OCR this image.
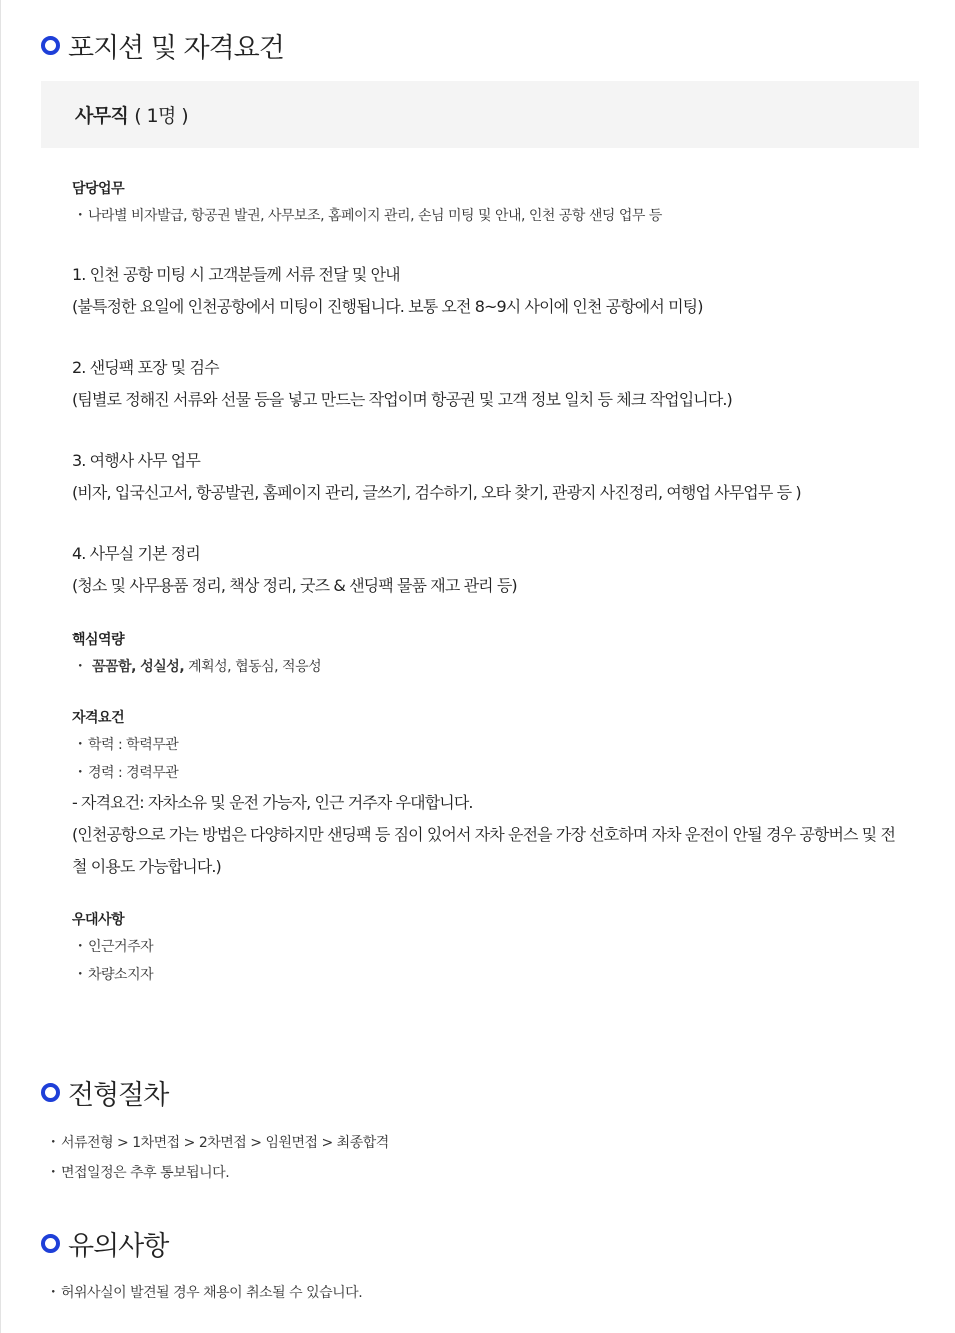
포지션 및 자격요건
사무직 ( 1명 )
담당업무
・나라별 비자발급, 항공권 발권, 사무보조, 홈페이지 관리, 손님 미팅 및 안내, 인천 공항 샌딩 업무 등
1. 인천 공항 미팅 시 고객분들께 서류 전달 및 안내
(불특정한 요일에 인천공항에서 미팅이 진행됩니다. 보통 오전 8~9시 사이에 인천 공항에서 미팅)
2. 샌딩팩 포장 및 검수
(팀별로 정해진 서류와 선물 등을 넣고 만드는 작업이며 항공권 및 고객 정보 일치 등 체크 작업입니다.)
3. 여행사 사무 업무
(비자, 입국신고서, 항공발권, 홈페이지 관리, 글쓰기, 검수하기, 오타 찾기, 관광지 사진정리, 여행업 사무업무 등 )
4. 사무실 기본 정리
(청소 및 사무용품 정리, 책상 정리, 굿즈 & 샌딩팩 물품 재고 관리 등)
핵심역량
・ 꼼꼼함, 성실성, 계획성, 협동심, 적응성
자격요건
・학력 : 학력무관
・경력 : 경력무관
- 자격요건: 자차소유 및 운전 가능자, 인근 거주자 우대합니다.
(인천공항으로 가는 방법은 다양하지만 샌딩팩 등 짐이 있어서 자차 운전을 가장 선호하며 자차 운전이 안될 경우 공항버스 및 전
철 이용도 가능합니다.)
우대사항
・인근거주자
・차량소지자
전형절차
・서류전형 > 1차면접 > 2차면접 > 임원면접 > 최종합격
・면접일정은 추후 통보됩니다.
유의사항
・허위사실이 발견될 경우 채용이 취소될 수 있습니다.
